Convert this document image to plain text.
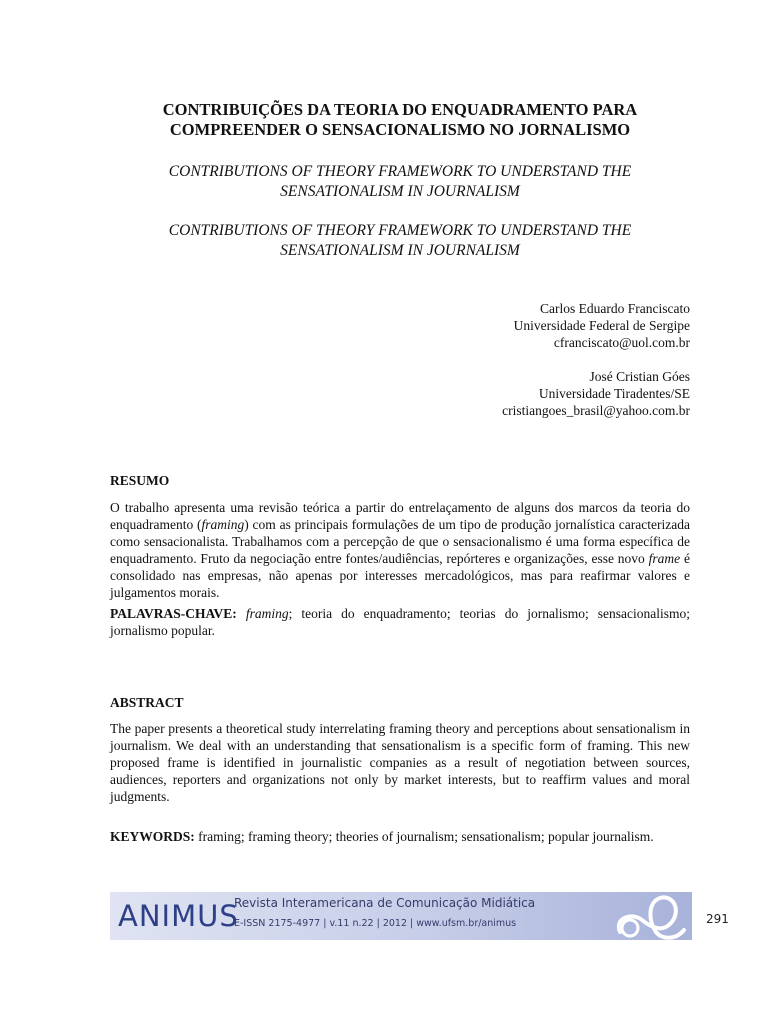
CONTRIBUIÇÕES DA TEORIA DO ENQUADRAMENTO PARA
COMPREENDER O SENSACIONALISMO NO JORNALISMO
CONTRIBUTIONS OF THEORY FRAMEWORK TO UNDERSTAND THE
SENSATIONALISM IN JOURNALISM
CONTRIBUTIONS OF THEORY FRAMEWORK TO UNDERSTAND THE
SENSATIONALISM IN JOURNALISM
Carlos Eduardo Franciscato
Universidade Federal de Sergipe
cfranciscato@uol.com.br
José Cristian Góes
Universidade Tiradentes/SE
cristiangoes_brasil@yahoo.com.br
RESUMO

O trabalho apresenta uma revisão teórica a partir do entrelaçamento de alguns dos marcos da teoria do enquadramento (framing) com as principais formulações de um tipo de produção jornalística caracterizada como sensacionalista. Trabalhamos com a percepção de que o sensacionalismo é uma forma específica de enquadramento. Fruto da negociação entre fontes/audiências, repórteres e organizações, esse novo frame é consolidado nas empresas, não apenas por interesses mercadológicos, mas para reafirmar valores e julgamentos morais.

PALAVRAS-CHAVE: framing; teoria do enquadramento; teorias do jornalismo; sensacionalismo; jornalismo popular.

ABSTRACT

The paper presents a theoretical study interrelating framing theory and perceptions about sensationalism in journalism. We deal with an understanding that sensationalism is a specific form of framing. This new proposed frame is identified in journalistic companies as a result of negotiation between sources, audiences, reporters and organizations not only by market interests, but to reaffirm values and moral judgments.

KEYWORDS: framing; framing theory; theories of journalism; sensationalism; popular journalism.

ANIMUS
Revista Interamericana de Comunicação Midiática
E-ISSN 2175-4977 | v.11 n.22 | 2012 | www.ufsm.br/animus	291
